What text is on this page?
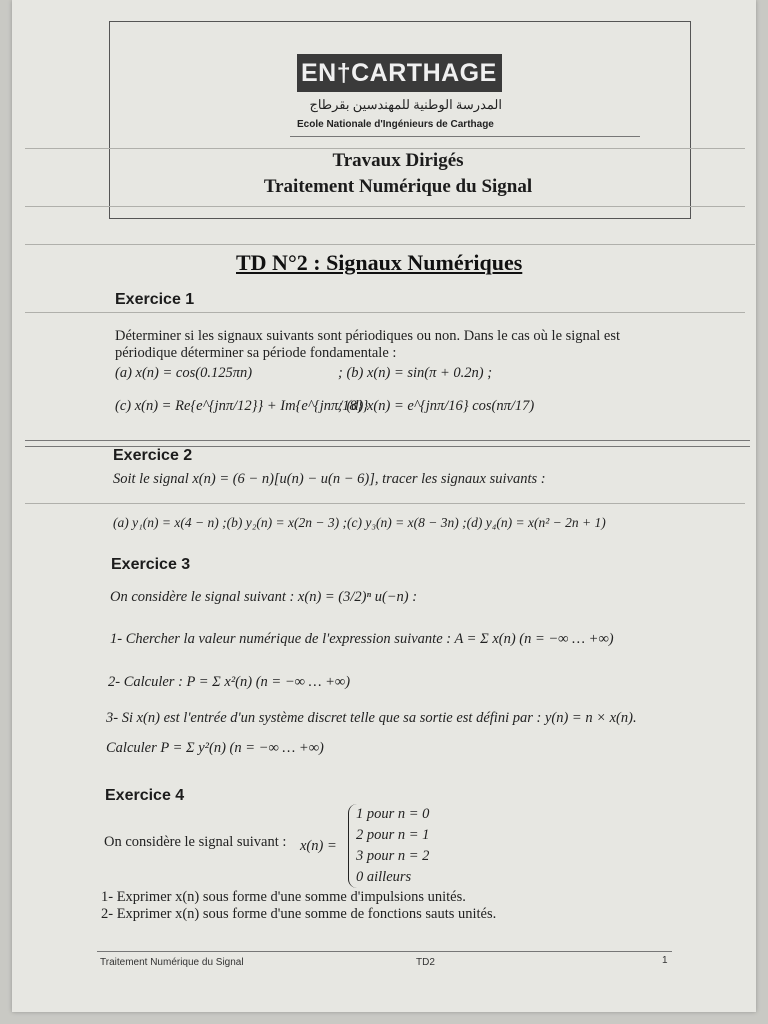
EN†CARTHAGE
المدرسة الوطنية للمهندسين بقرطاج
Ecole Nationale d'Ingénieurs de Carthage
Travaux Dirigés
Traitement Numérique du Signal
TD N°2 : Signaux Numériques
Exercice 1
Déterminer si les signaux suivants sont périodiques ou non. Dans le cas où le signal est
périodique déterminer sa période fondamentale :
(a) x(n) = cos(0.125πn)	; (b) x(n) = sin(π + 0.2n) ;
(c) x(n) = Re{e^{jnπ/12}} + Im{e^{jnπ/18}}
; (d) x(n) = e^{jnπ/16} cos(nπ/17)
Exercice 2
Soit le signal x(n) = (6 − n)[u(n) − u(n − 6)], tracer les signaux suivants :
(a) y₁(n) = x(4 − n) ;(b) y₂(n) = x(2n − 3) ;(c) y₃(n) = x(8 − 3n) ;(d) y₄(n) = x(n² − 2n + 1)
Exercice 3
On considère le signal suivant : x(n) = (3/2)ⁿ u(−n) :
1- Chercher la valeur numérique de l'expression suivante : A = Σ x(n) (n = −∞ … +∞)
2- Calculer : P = Σ x²(n) (n = −∞ … +∞)
3- Si x(n) est l'entrée d'un système discret telle que sa sortie est défini par : y(n) = n × x(n).
Calculer P = Σ y²(n) (n = −∞ … +∞)
Exercice 4
On considère le signal suivant : x(n) =
1 pour n = 0
2 pour n = 1
3 pour n = 2
0 ailleurs
1- Exprimer x(n) sous forme d'une somme d'impulsions unités.
2- Exprimer x(n) sous forme d'une somme de fonctions sauts unités.
Traitement Numérique du Signal	TD2	1
